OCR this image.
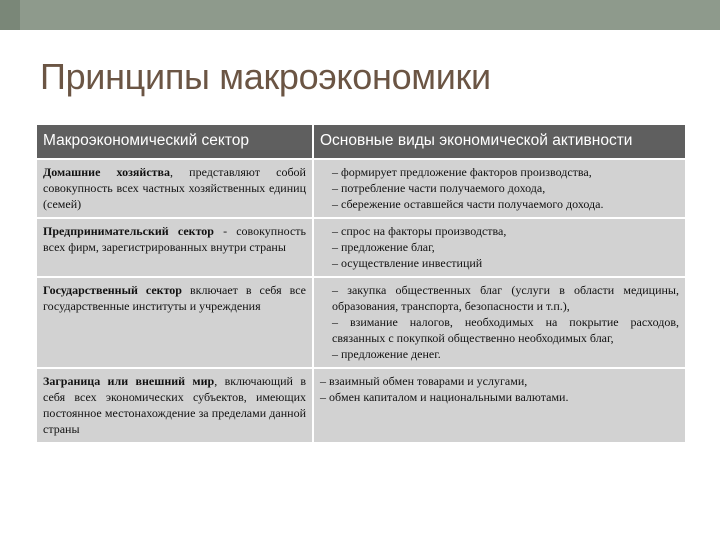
Принципы макроэкономики
Макроэкономический сектор	Основные виды экономической активности
Домашние хозяйства, представляют собой совокупность всех частных хозяйственных единиц (семей)	– формирует предложение факторов производства,
– потребление части получаемого дохода,
– сбережение оставшейся части получаемого дохода.

Предпринимательский сектор - совокупность всех фирм, зарегистрированных внутри страны	– спрос на факторы производства,
– предложение благ,
– осуществление инвестиций

Государственный сектор включает в себя все государственные институты и учреждения	– закупка общественных благ (услуги в области медицины, образования, транспорта, безопасности и т.п.),
– взимание налогов, необходимых на покрытие расходов, связанных с покупкой общественно необходимых благ,
– предложение денег.

Заграница или внешний мир, включающий в себя всех экономических субъектов, имеющих постоянное местонахождение за пределами данной страны	– взаимный обмен товарами и услугами,
– обмен капиталом и национальными валютами.
